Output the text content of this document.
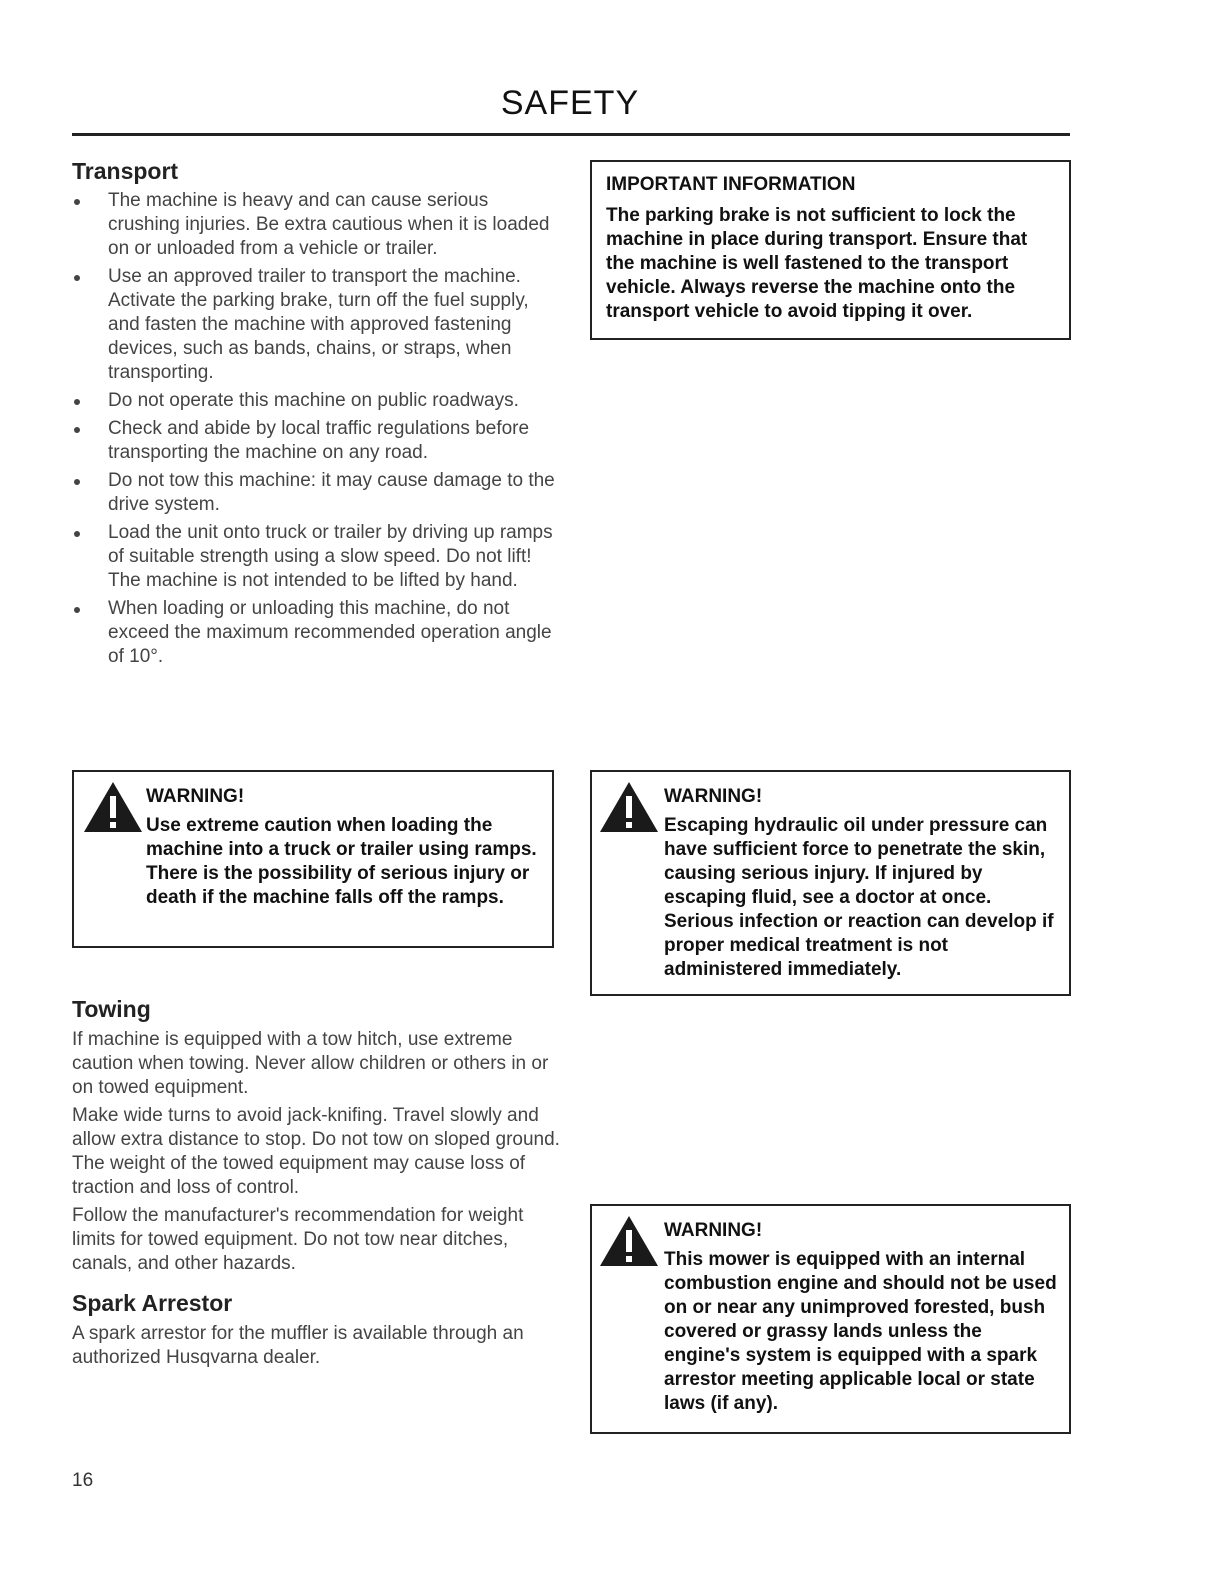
SAFETY
Transport
The machine is heavy and can cause serious crushing injuries. Be extra cautious when it is loaded on or unloaded from a vehicle or trailer.
Use an approved trailer to transport the machine. Activate the parking brake, turn off the fuel supply, and fasten the machine with approved fastening devices, such as bands, chains, or straps, when transporting.
Do not operate this machine on public roadways.
Check and abide by local traffic regulations before transporting the machine on any road.
Do not tow this machine: it may cause damage to the drive system.
Load the unit onto truck or trailer by driving up ramps of suitable strength using a slow speed. Do not lift! The machine is not intended to be lifted by hand.
When loading or unloading this machine, do not exceed the maximum recommended operation angle of 10°.
IMPORTANT INFORMATION
The parking brake is not sufficient to lock the machine in place during transport. Ensure that the machine is well fastened to the transport vehicle. Always reverse the machine onto the transport vehicle to avoid tipping it over.
WARNING!
Use extreme caution when loading the machine into a truck or trailer using ramps. There is the possibility of serious injury or death if the machine falls off the ramps.
WARNING!
Escaping hydraulic oil under pressure can have sufficient force to penetrate the skin, causing serious injury. If injured by escaping fluid, see a doctor at once. Serious infection or reaction can develop if proper medical treatment is not administered immediately.
Towing

If machine is equipped with a tow hitch, use extreme caution when towing. Never allow children or others in or on towed equipment.

Make wide turns to avoid jack-knifing. Travel slowly and allow extra distance to stop. Do not tow on sloped ground. The weight of the towed equipment may cause loss of traction and loss of control.

Follow the manufacturer's recommendation for weight limits for towed equipment. Do not tow near ditches, canals, and other hazards.

Spark Arrestor
A spark arrestor for the muffler is available through an authorized Husqvarna dealer.
WARNING!
This mower is equipped with an internal combustion engine and should not be used on or near any unimproved forested, bush covered or grassy lands unless the engine's system is equipped with a spark arrestor meeting applicable local or state laws (if any).
16
